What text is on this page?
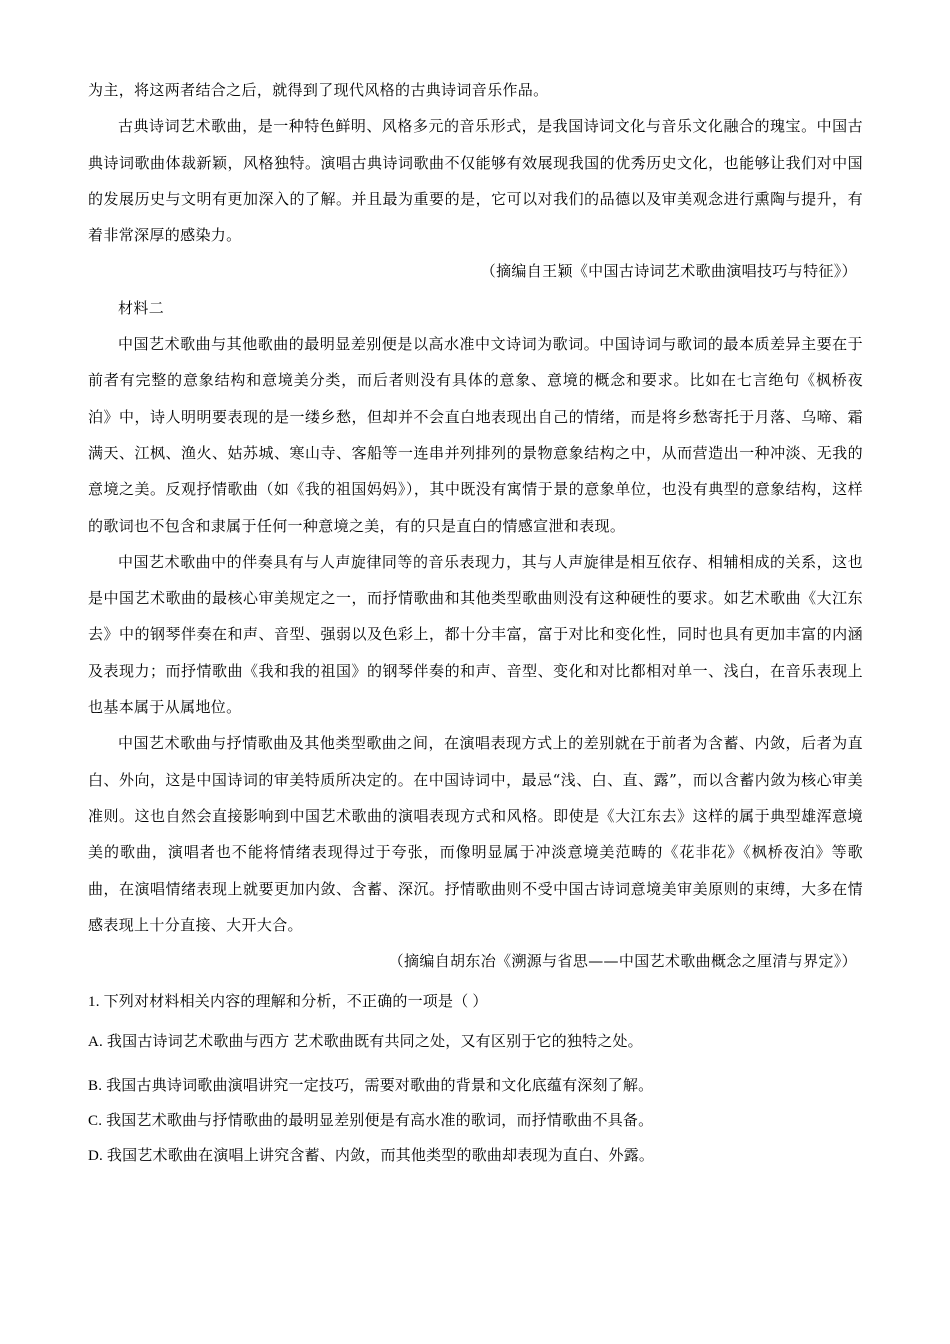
为主，将这两者结合之后，就得到了现代风格的古典诗词音乐作品。

古典诗词艺术歌曲，是一种特色鲜明、风格多元的音乐形式，是我国诗词文化与音乐文化融合的瑰宝。中国古典诗词歌曲体裁新颖，风格独特。演唱古典诗词歌曲不仅能够有效展现我国的优秀历史文化，也能够让我们对中国的发展历史与文明有更加深入的了解。并且最为重要的是，它可以对我们的品德以及审美观念进行熏陶与提升，有着非常深厚的感染力。

（摘编自王颖《中国古诗词艺术歌曲演唱技巧与特征》）

材料二

中国艺术歌曲与其他歌曲的最明显差别便是以高水准中文诗词为歌词。中国诗词与歌词的最本质差异主要在于前者有完整的意象结构和意境美分类，而后者则没有具体的意象、意境的概念和要求。比如在七言绝句《枫桥夜泊》中，诗人明明要表现的是一缕乡愁，但却并不会直白地表现出自己的情绪，而是将乡愁寄托于月落、乌啼、霜满天、江枫、渔火、姑苏城、寒山寺、客船等一连串并列排列的景物意象结构之中，从而营造出一种冲淡、无我的意境之美。反观抒情歌曲（如《我的祖国妈妈》），其中既没有寓情于景的意象单位，也没有典型的意象结构，这样的歌词也不包含和隶属于任何一种意境之美，有的只是直白的情感宣泄和表现。

中国艺术歌曲中的伴奏具有与人声旋律同等的音乐表现力，其与人声旋律是相互依存、相辅相成的关系，这也是中国艺术歌曲的最核心审美规定之一，而抒情歌曲和其他类型歌曲则没有这种硬性的要求。如艺术歌曲《大江东去》中的钢琴伴奏在和声、音型、强弱以及色彩上，都十分丰富，富于对比和变化性，同时也具有更加丰富的内涵及表现力；而抒情歌曲《我和我的祖国》的钢琴伴奏的和声、音型、变化和对比都相对单一、浅白，在音乐表现上也基本属于从属地位。

中国艺术歌曲与抒情歌曲及其他类型歌曲之间，在演唱表现方式上的差别就在于前者为含蓄、内敛，后者为直白、外向，这是中国诗词的审美特质所决定的。在中国诗词中，最忌“浅、白、直、露”，而以含蓄内敛为核心审美准则。这也自然会直接影响到中国艺术歌曲的演唱表现方式和风格。即使是《大江东去》这样的属于典型雄浑意境美的歌曲，演唱者也不能将情绪表现得过于夸张，而像明显属于冲淡意境美范畴的《花非花》《枫桥夜泊》等歌曲，在演唱情绪表现上就要更加内敛、含蓄、深沉。抒情歌曲则不受中国古诗词意境美审美原则的束缚，大多在情感表现上十分直接、大开大合。

（摘编自胡东冶《溯源与省思——中国艺术歌曲概念之厘清与界定》）

1. 下列对材料相关内容的理解和分析，不正确的一项是（ ）
A. 我国古诗词艺术歌曲与西方 艺术歌曲既有共同之处，又有区别于它的独特之处。
B. 我国古典诗词歌曲演唱讲究一定技巧，需要对歌曲的背景和文化底蕴有深刻了解。
C. 我国艺术歌曲与抒情歌曲的最明显差别便是有高水准的歌词，而抒情歌曲不具备。
D. 我国艺术歌曲在演唱上讲究含蓄、内敛，而其他类型的歌曲却表现为直白、外露。
